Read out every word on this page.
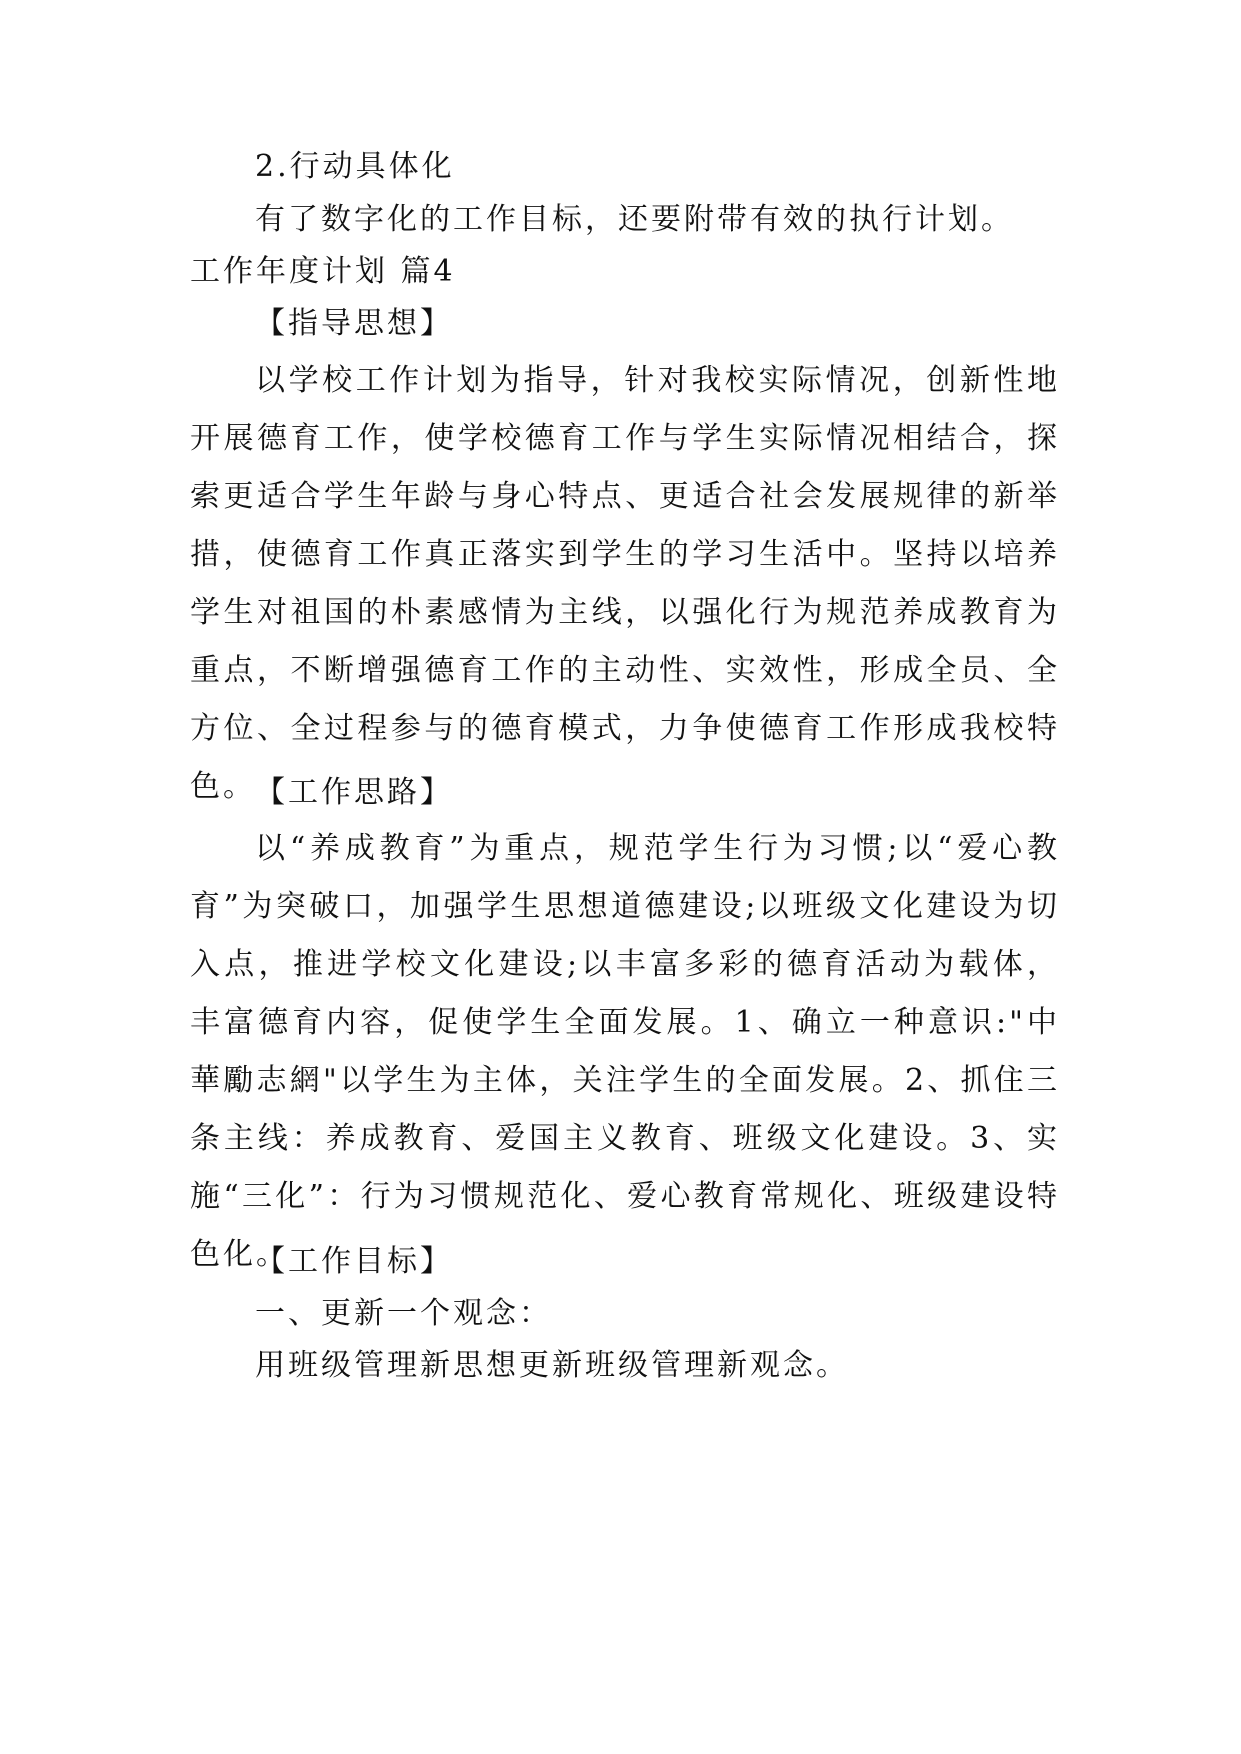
2.行动具体化
有了数字化的工作目标，还要附带有效的执行计划。
工作年度计划 篇4
【指导思想】
以学校工作计划为指导，针对我校实际情况，创新性地开展德育工作，使学校德育工作与学生实际情况相结合，探索更适合学生年龄与身心特点、更适合社会发展规律的新举措，使德育工作真正落实到学生的学习生活中。坚持以培养学生对祖国的朴素感情为主线，以强化行为规范养成教育为重点，不断增强德育工作的主动性、实效性，形成全员、全方位、全过程参与的德育模式，力争使德育工作形成我校特色。 【工作思路】
以“养成教育”为重点，规范学生行为习惯;以“爱心教育”为突破口，加强学生思想道德建设;以班级文化建设为切入点，推进学校文化建设;以丰富多彩的德育活动为载体，丰富德育内容，促使学生全面发展。1、确立一种意识:"中華勵志網"以学生为主体，关注学生的全面发展。2、抓住三条主线：养成教育、爱国主义教育、班级文化建设。3、实施“三化”：行为习惯规范化、爱心教育常规化、班级建设特色化。
【工作目标】
一、更新一个观念：
用班级管理新思想更新班级管理新观念。
